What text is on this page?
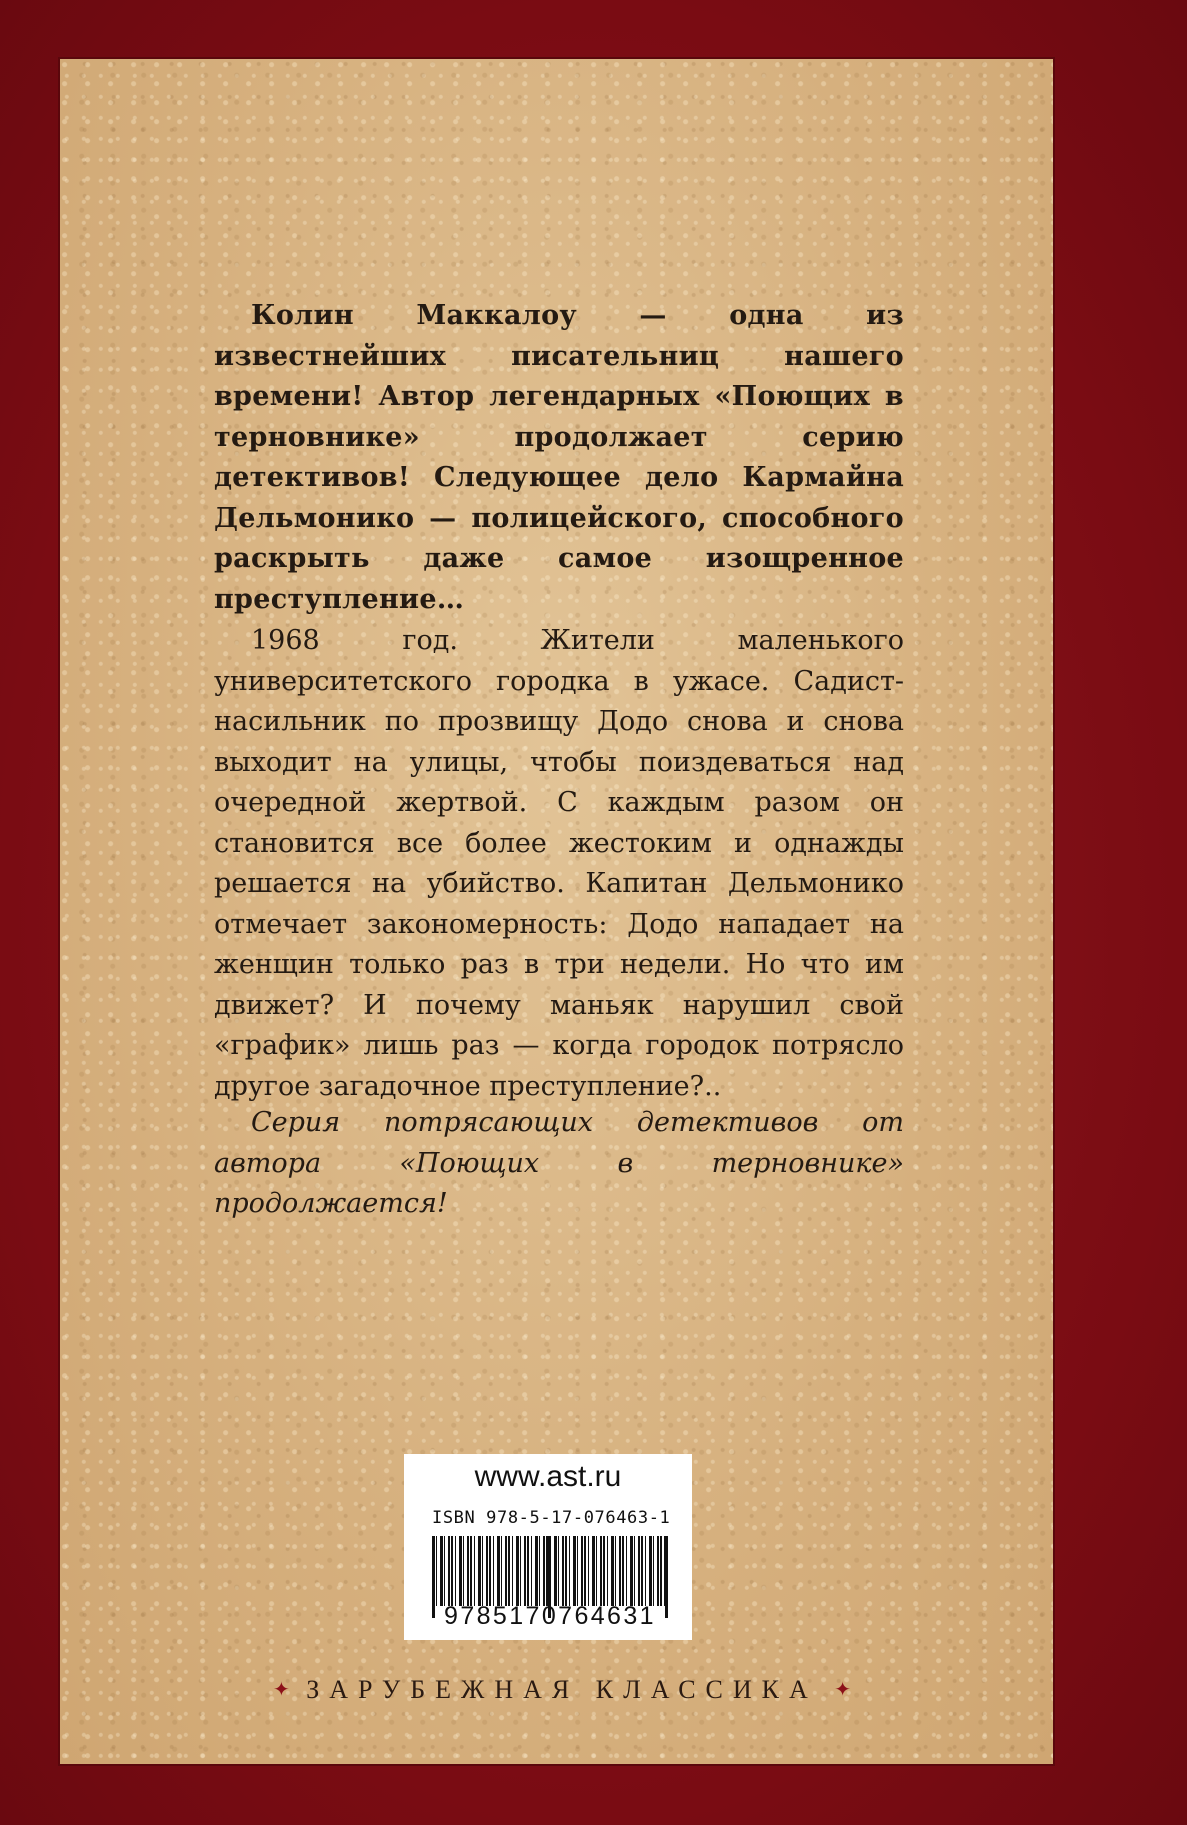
Колин Маккалоу — одна из известнейших писательниц нашего времени! Автор легендарных «Поющих в терновнике» продолжает серию детективов! Следующее дело Кармайна Дельмонико — полицейского, способного раскрыть даже самое изощренное преступление…

1968 год. Жители маленького университетского городка в ужасе. Садист-насильник по прозвищу Додо снова и снова выходит на улицы, чтобы поиздеваться над очередной жертвой. С каждым разом он становится все более жестоким и однажды решается на убийство. Капитан Дельмонико отмечает закономерность: Додо нападает на женщин только раз в три недели. Но что им движет? И почему маньяк нарушил свой «график» лишь раз — когда городок потрясло другое загадочное преступление?..

Серия потрясающих детективов от автора «Поющих в терновнике» продолжается!

www.ast.ru
ISBN 978-5-17-076463-1
9785170764631
✦ ЗАРУБЕЖНАЯ КЛАССИКА ✦
